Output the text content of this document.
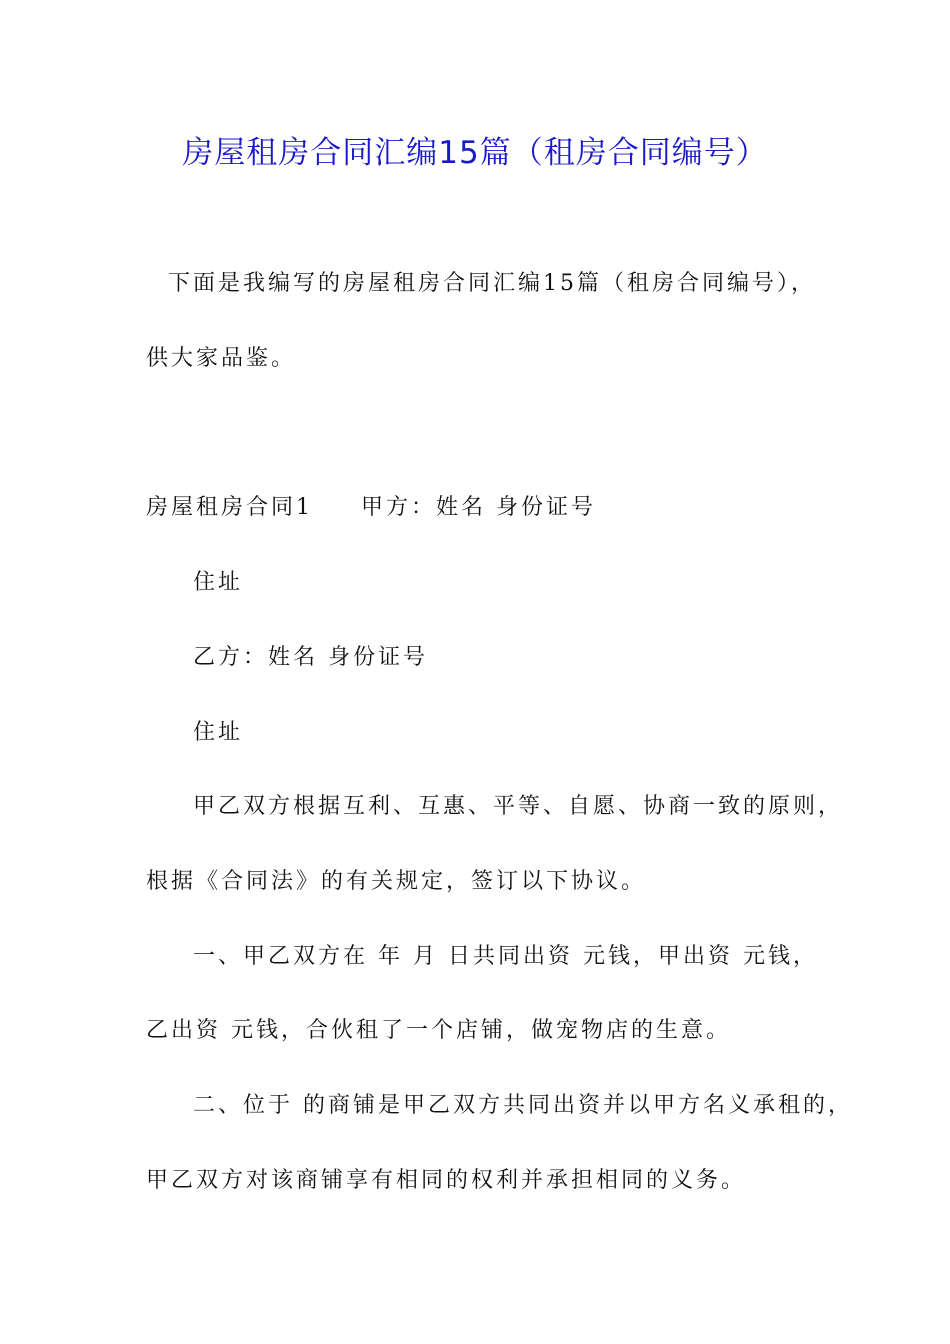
房屋租房合同汇编15篇（租房合同编号）
下面是我编写的房屋租房合同汇编15篇（租房合同编号），
供大家品鉴。
房屋租房合同1 甲方：姓名 身份证号
住址
乙方：姓名 身份证号
住址
甲乙双方根据互利、互惠、平等、自愿、协商一致的原则，
根据《合同法》的有关规定，签订以下协议。
一、甲乙双方在 年 月 日共同出资 元钱，甲出资 元钱，
乙出资 元钱，合伙租了一个店铺，做宠物店的生意。
二、位于 的商铺是甲乙双方共同出资并以甲方名义承租的，
甲乙双方对该商铺享有相同的权利并承担相同的义务。
